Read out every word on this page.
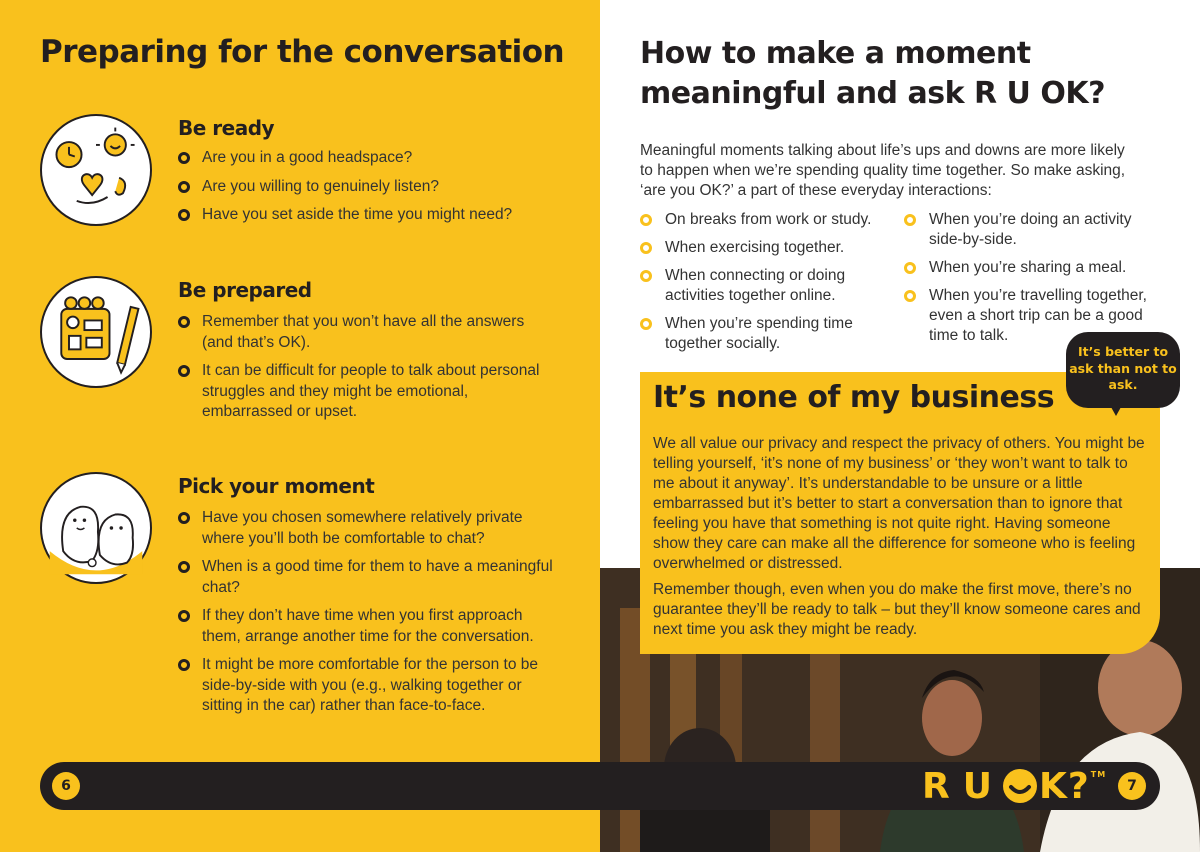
Preparing for the conversation
Be ready
Are you in a good headspace?
Are you willing to genuinely listen?
Have you set aside the time you might need?
Be prepared
Remember that you won’t have all the answers (and that’s OK).
It can be difficult for people to talk about personal struggles and they might be emotional, embarrassed or upset.
Pick your moment
Have you chosen somewhere relatively private where you’ll both be comfortable to chat?
When is a good time for them to have a meaningful chat?
If they don’t have time when you first approach them, arrange another time for the conversation.
It might be more comfortable for the person to be side-by-side with you (e.g., walking together or sitting in the car) rather than face-to-face.
How to make a moment meaningful and ask R U OK?

Meaningful moments talking about life’s ups and downs are more likely to happen when we’re spending quality time together. So make asking, ‘are you OK?’ a part of these everyday interactions:

On breaks from work or study.
When exercising together.
When connecting or doing activities together online.
When you’re spending time together socially.
When you’re doing an activity side-by-side.
When you’re sharing a meal.
When you’re travelling together, even a short trip can be a good time to talk.
It’s none of my business

We all value our privacy and respect the privacy of others. You might be telling yourself, ‘it’s none of my business’ or ‘they won’t want to talk to me about it anyway’. It’s understandable to be unsure or a little embarrassed but it’s better to start a conversation than to ignore that feeling you have that something is not quite right. Having someone show they care can make all the difference for someone who is feeling overwhelmed or distressed.

Remember though, even when you do make the first move, there’s no guarantee they’ll be ready to talk – but they’ll know someone cares and next time you ask they might be ready.

It’s better to ask than not to ask.
6	R U K? TM
7
